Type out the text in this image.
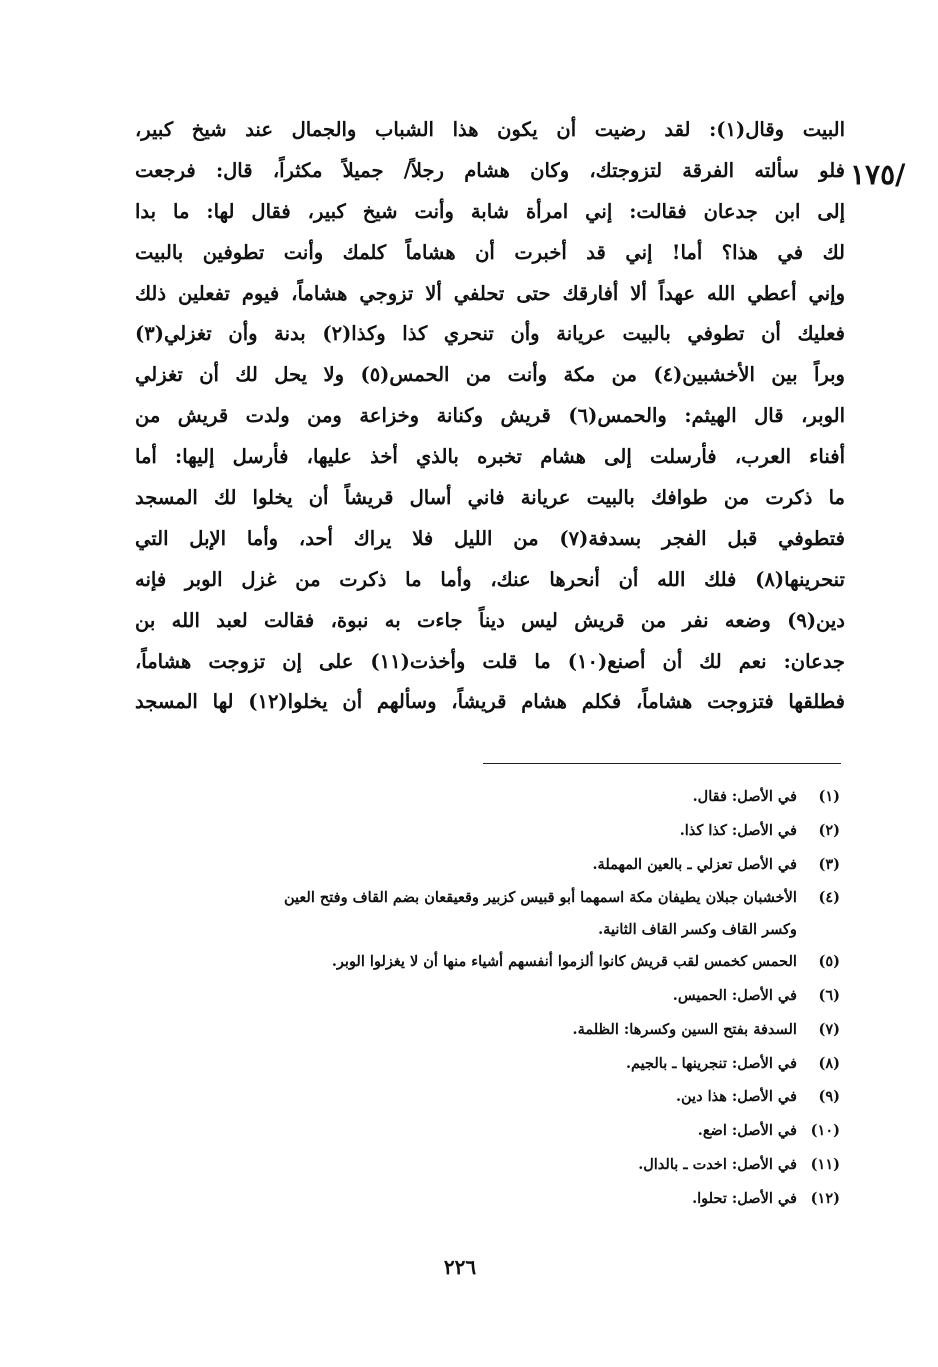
/١٧٥
البيت وقال(١): لقد رضيت أن يكون هذا الشباب والجمال عند شيخ كبير،
فلو سألته الفرقة لتزوجتك، وكان هشام رجلاً/ جميلاً مكثراً، قال: فرجعت
إلى ابن جدعان فقالت: إني امرأة شابة وأنت شيخ كبير، فقال لها: ما بدا
لك في هذا؟ أما! إني قد أخبرت أن هشاماً كلمك وأنت تطوفين بالبيت
وإني أعطي الله عهداً ألا أفارقك حتى تحلفي ألا تزوجي هشاماً، فيوم تفعلين ذلك
فعليك أن تطوفي بالبيت عريانة وأن تنحري كذا وكذا(٢) بدنة وأن تغزلي(٣)
وبراً بين الأخشبين(٤) من مكة وأنت من الحمس(٥) ولا يحل لك أن تغزلي
الوبر، قال الهيثم: والحمس(٦) قريش وكنانة وخزاعة ومن ولدت قريش من
أفناء العرب، فأرسلت إلى هشام تخبره بالذي أخذ عليها، فأرسل إليها: أما
ما ذكرت من طوافك بالبيت عريانة فاني أسال قريشاً أن يخلوا لك المسجد
فتطوفي قبل الفجر بسدفة(٧) من الليل فلا يراك أحد، وأما الإبل التي
تنحرينها(٨) فلك الله أن أنحرها عنك، وأما ما ذكرت من غزل الوبر فإنه
دين(٩) وضعه نفر من قريش ليس ديناً جاءت به نبوة، فقالت لعبد الله بن
جدعان: نعم لك أن أصنع(١٠) ما قلت وأخذت(١١) على إن تزوجت هشاماً،
فطلقها فتزوجت هشاماً، فكلم هشام قريشاً، وسألهم أن يخلوا(١٢) لها المسجد
(١) في الأصل: فقال.
(٢) في الأصل: كذا كذا.
(٣) في الأصل تعزلي ـ بالعين المهملة.
(٤) الأخشبان جبلان يطيفان مكة اسمهما أبو قبيس كزبير وقعيقعان بضم القاف وفتح العين
وكسر القاف وكسر القاف الثانية.
(٥) الحمس كخمس لقب قريش كانوا ألزموا أنفسهم أشياء منها أن لا يغزلوا الوبر.
(٦) في الأصل: الحميس.
(٧) السدفة بفتح السين وكسرها: الظلمة.
(٨) في الأصل: تنجرينها ـ بالجيم.
(٩) في الأصل: هذا دين.
(١٠) في الأصل: اضع.
(١١) في الأصل: اخدت ـ بالدال.
(١٢) في الأصل: تحلوا.
٢٢٦
